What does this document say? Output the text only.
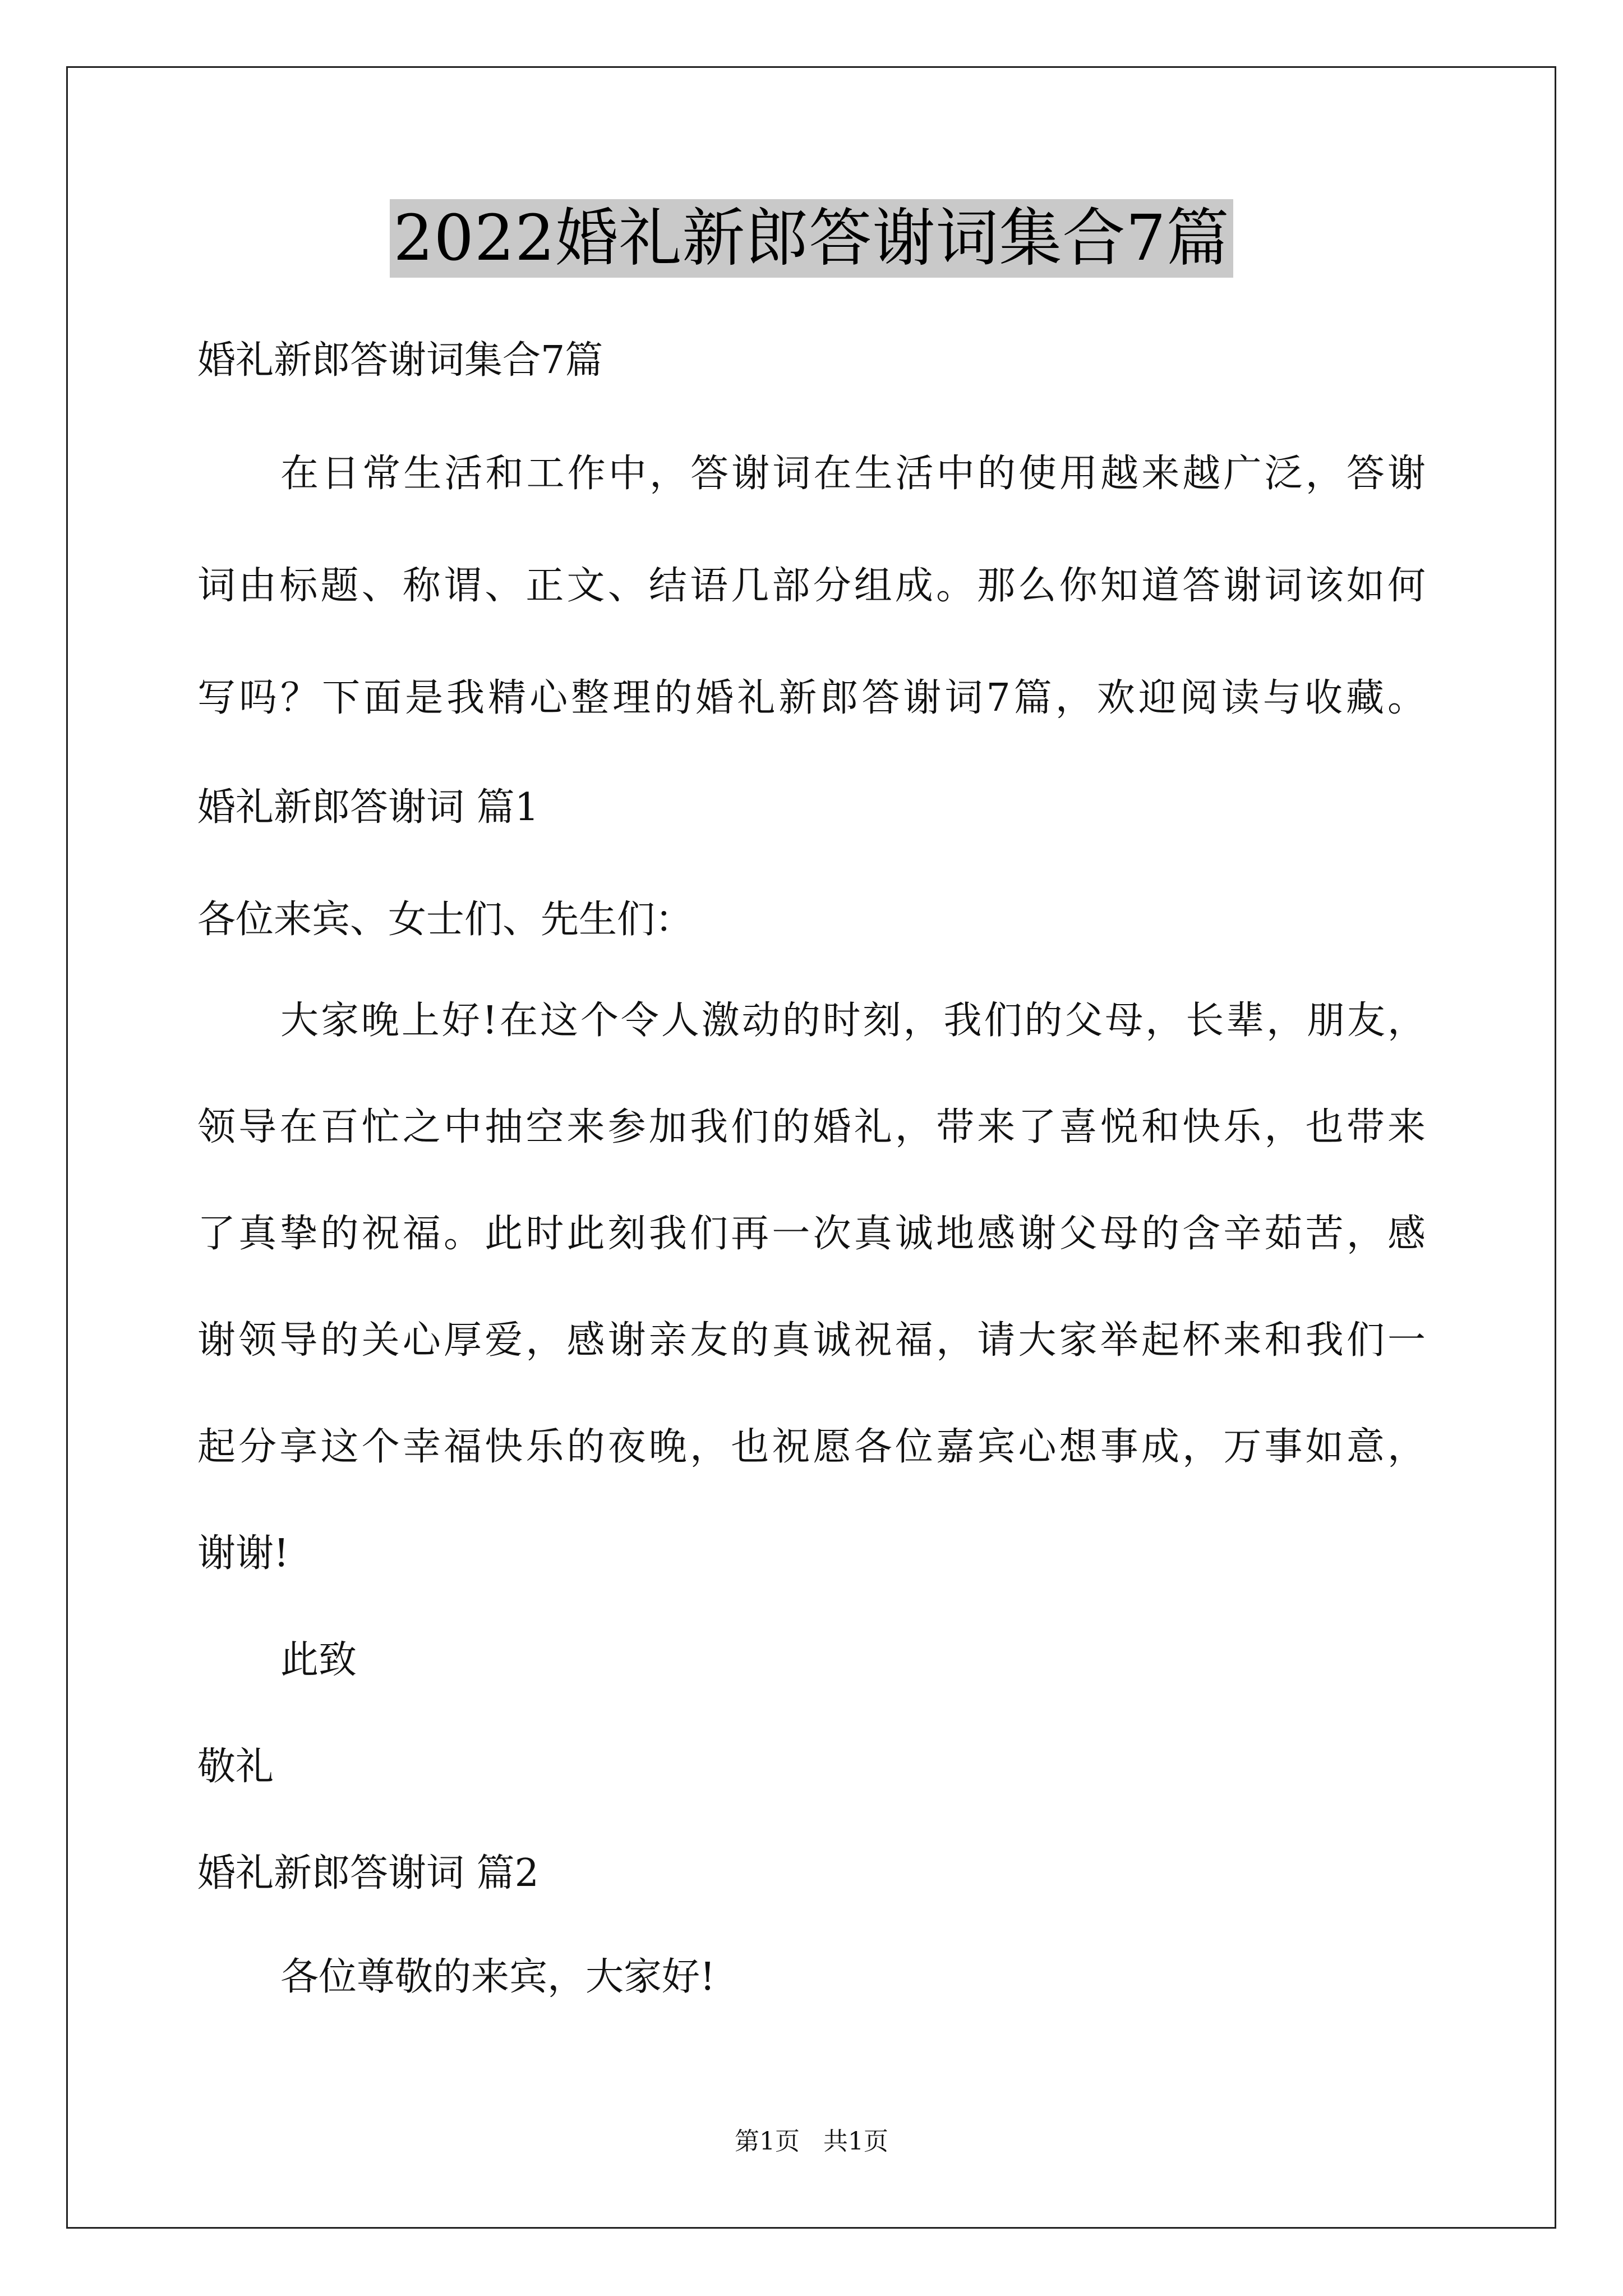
2022婚礼新郎答谢词集合7篇
婚礼新郎答谢词集合7篇
在日常生活和工作中，答谢词在生活中的使用越来越广泛，答谢
词由标题、称谓、正文、结语几部分组成。那么你知道答谢词该如何
写吗？下面是我精心整理的婚礼新郎答谢词7篇，欢迎阅读与收藏。
婚礼新郎答谢词 篇1
各位来宾、女士们、先生们：
大家晚上好!在这个令人激动的时刻，我们的父母，长辈，朋友，
领导在百忙之中抽空来参加我们的婚礼，带来了喜悦和快乐，也带来
了真挚的祝福。此时此刻我们再一次真诚地感谢父母的含辛茹苦，感
谢领导的关心厚爱，感谢亲友的真诚祝福，请大家举起杯来和我们一
起分享这个幸福快乐的夜晚，也祝愿各位嘉宾心想事成，万事如意，
谢谢!
此致
敬礼
婚礼新郎答谢词 篇2
各位尊敬的来宾，大家好!
第1页   共1页
